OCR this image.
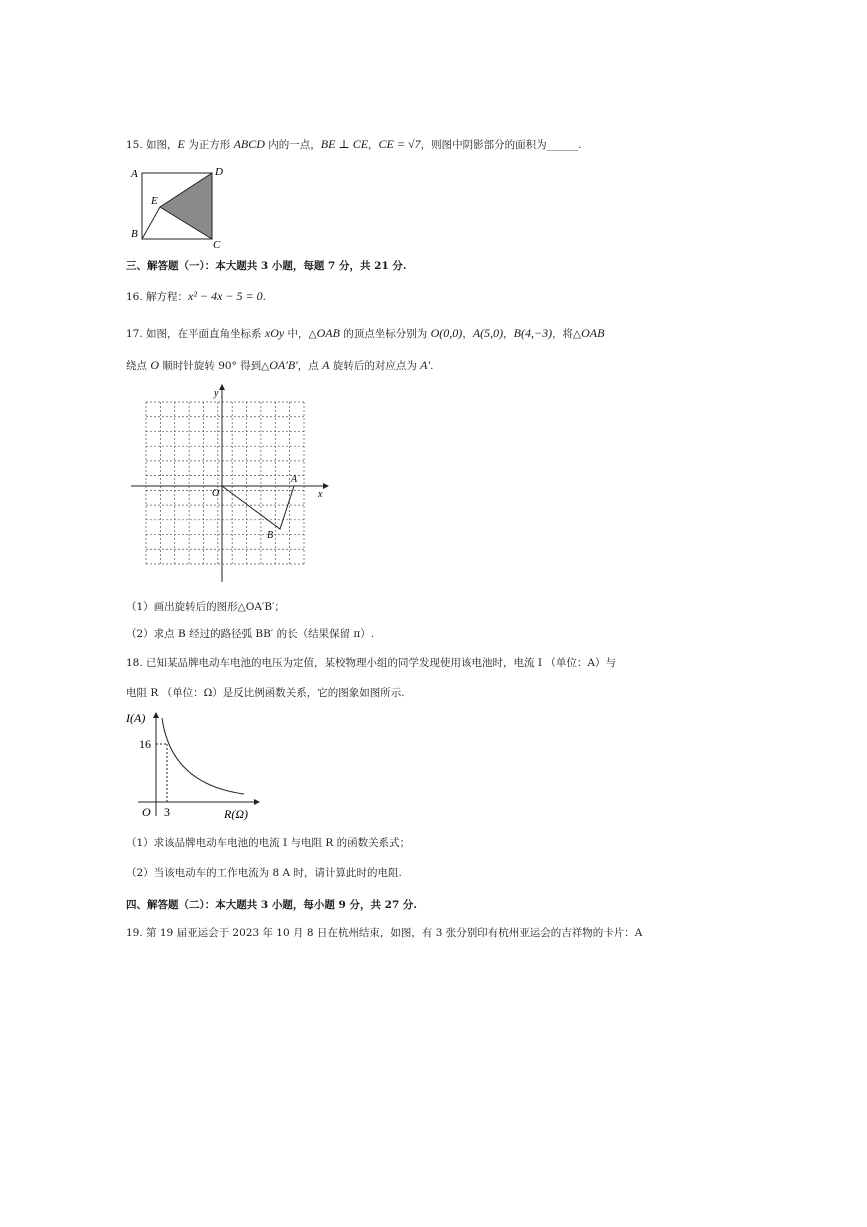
15. 如图，E 为正方形 ABCD 内的一点，BE ⊥ CE，CE = √7，则图中阴影部分的面积为______.
A	D
E
B
C
三、解答题（一）：本大题共 3 小题，每题 7 分，共 21 分.
16. 解方程：x² − 4x − 5 = 0.
17. 如图，在平面直角坐标系 xOy 中，△OAB 的顶点坐标分别为 O(0,0)，A(5,0)，B(4,−3)，将△OAB
绕点 O 顺时针旋转 90° 得到△OA′B′，点 A 旋转后的对应点为 A′.
y
x
O
A
B
（1）画出旋转后的图形△OA′B′；
（2）求点 B 经过的路径弧 BB′ 的长（结果保留 π）.
18. 已知某品牌电动车电池的电压为定值，某校物理小组的同学发现使用该电池时，电流 I （单位：A）与
电阻 R （单位：Ω）是反比例函数关系，它的图象如图所示.
I(A)
16
O 3	R(Ω)
（1）求该品牌电动车电池的电流 I 与电阻 R 的函数关系式；
（2）当该电动车的工作电流为 8 A 时，请计算此时的电阻.
四、解答题（二）：本大题共 3 小题，每小题 9 分，共 27 分.
19. 第 19 届亚运会于 2023 年 10 月 8 日在杭州结束，如图，有 3 张分别印有杭州亚运会的吉祥物的卡片：A
